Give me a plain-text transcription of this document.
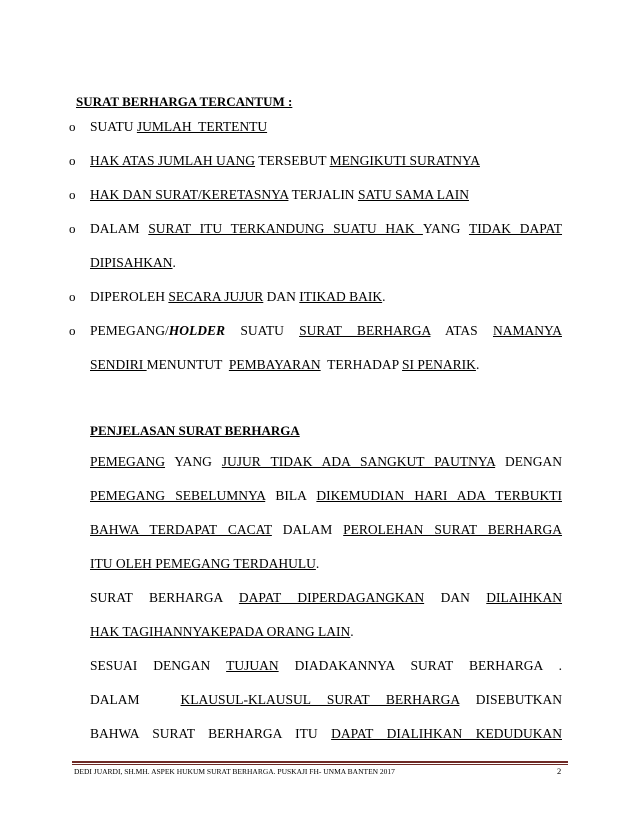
SURAT BERHARGA TERCANTUM :
o SUATU JUMLAH  TERTENTU
o HAK ATAS JUMLAH UANG TERSEBUT MENGIKUTI SURATNYA
o HAK DAN SURAT/KERETASNYA TERJALIN SATU SAMA LAIN
o DALAM SURAT ITU TERKANDUNG SUATU HAK YANG TIDAK DAPAT
DIPISAHKAN.
o DIPEROLEH SECARA JUJUR DAN ITIKAD BAIK.
o PEMEGANG/HOLDER SUATU SURAT BERHARGA ATAS NAMANYA
SENDIRI MENUNTUT  PEMBAYARAN  TERHADAP SI PENARIK.
PENJELASAN SURAT BERHARGA
PEMEGANG YANG JUJUR TIDAK ADA SANGKUT PAUTNYA DENGAN
PEMEGANG SEBELUMNYA BILA DIKEMUDIAN HARI ADA TERBUKTI
BAHWA TERDAPAT CACAT DALAM PEROLEHAN SURAT BERHARGA
ITU OLEH PEMEGANG TERDAHULU.
SURAT  BERHARGA  DAPAT  DIPERDAGANGKAN  DAN  DILAIHKAN
HAK TAGIHANNYAKEPADA ORANG LAIN.
SESUAI  DENGAN  TUJUAN  DIADAKANNYA  SURAT  BERHARGA  .
DALAM     KLAUSUL-KLAUSUL  SURAT  BERHARGA  DISEBUTKAN
BAHWA  SURAT  BERHARGA  ITU  DAPAT  DIALIHKAN  KEDUDUKAN
DEDI JUARDI, SH.MH. ASPEK HUKUM SURAT BERHARGA. PUSKAJI FH- UNMA BANTEN 2017	2
